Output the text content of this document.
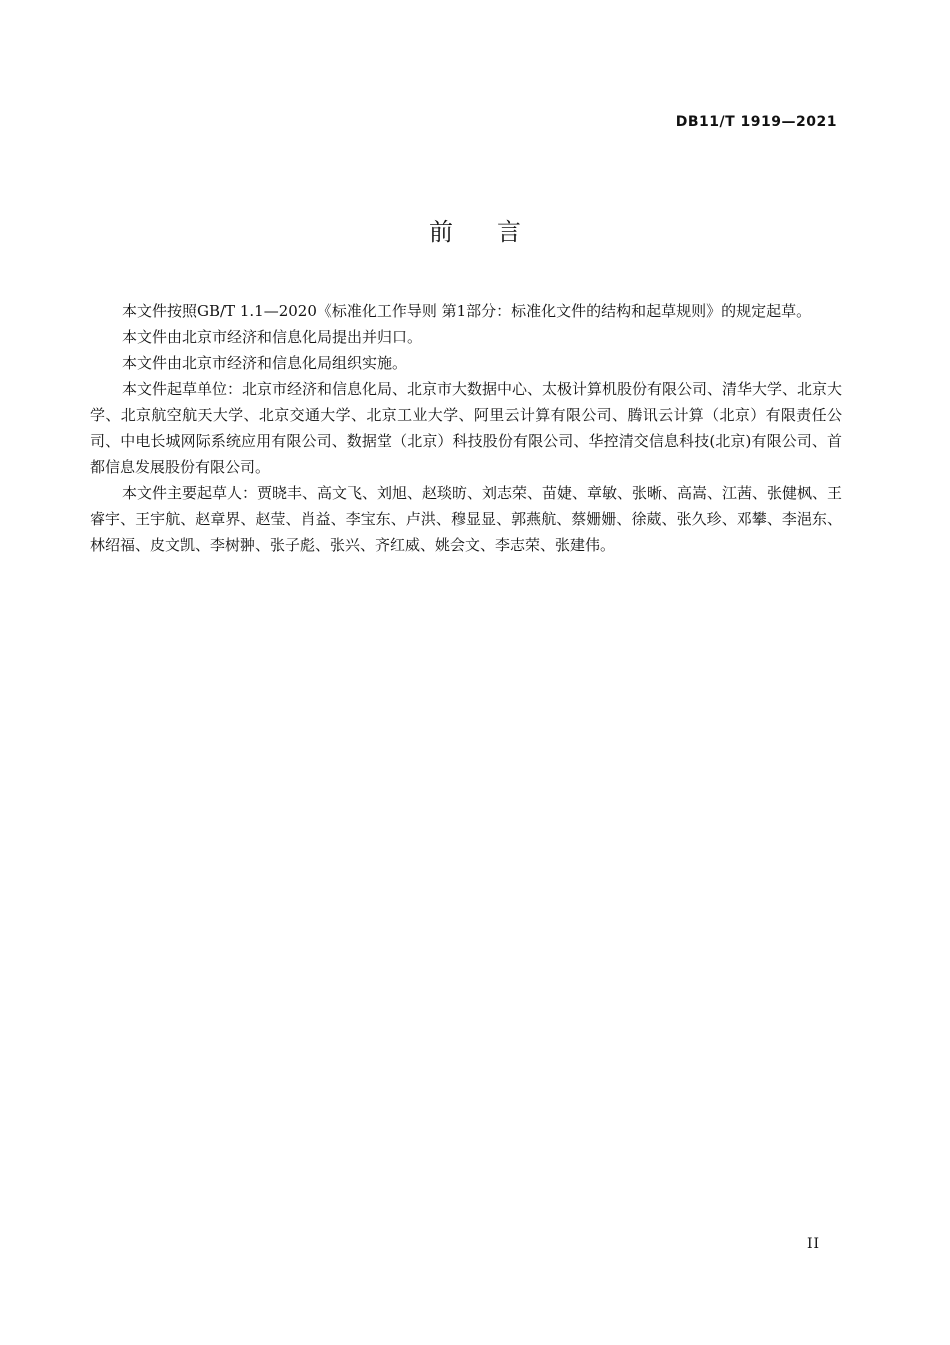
DB11/T 1919—2021
前言

本文件按照GB/T 1.1—2020《标准化工作导则 第1部分：标准化文件的结构和起草规则》的规定起草。

本文件由北京市经济和信息化局提出并归口。

本文件由北京市经济和信息化局组织实施。

本文件起草单位：北京市经济和信息化局、北京市大数据中心、太极计算机股份有限公司、清华大学、北京大学、北京航空航天大学、北京交通大学、北京工业大学、阿里云计算有限公司、腾讯云计算（北京）有限责任公司、中电长城网际系统应用有限公司、数据堂（北京）科技股份有限公司、华控清交信息科技(北京)有限公司、首都信息发展股份有限公司。

本文件主要起草人：贾晓丰、高文飞、刘旭、赵琰昉、刘志荣、苗婕、章敏、张晰、高嵩、江茜、张健枫、王睿宇、王宇航、赵章界、赵莹、肖益、李宝东、卢洪、穆显显、郭燕航、蔡姗姗、徐葳、张久珍、邓攀、李浥东、林绍福、皮文凯、李树翀、张子彪、张兴、齐红威、姚会文、李志荣、张建伟。

II
